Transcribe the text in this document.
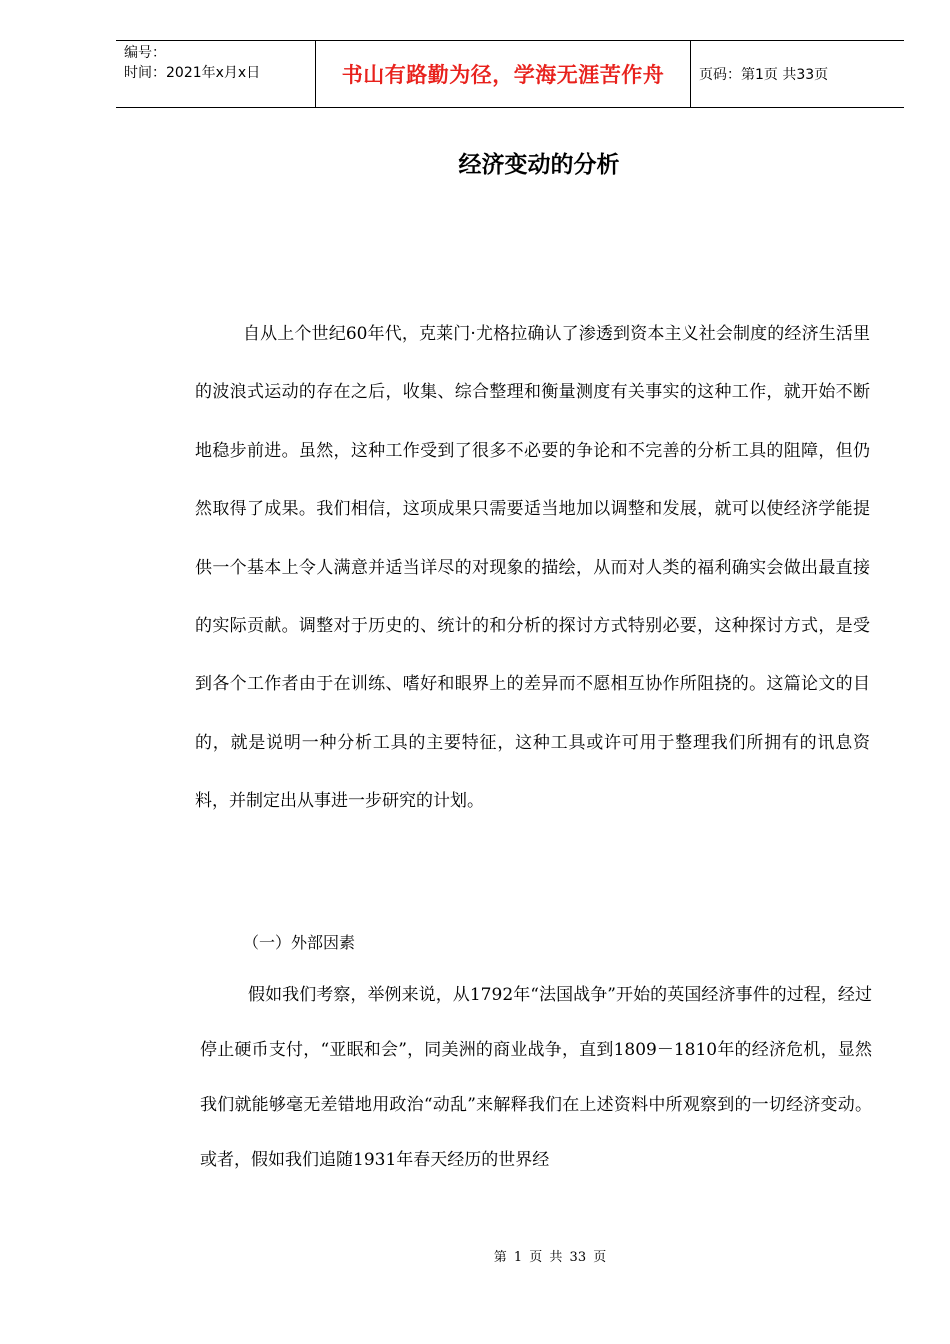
编号：
时间：2021年x月x日	书山有路勤为径，学海无涯苦作舟	页码：第1页 共33页
经济变动的分析

自从上个世纪60年代，克莱门·尤格拉确认了渗透到资本主义社会制度的经济生活里的波浪式运动的存在之后，收集、综合整理和衡量测度有关事实的这种工作，就开始不断地稳步前进。虽然，这种工作受到了很多不必要的争论和不完善的分析工具的阻障，但仍然取得了成果。我们相信，这项成果只需要适当地加以调整和发展，就可以使经济学能提供一个基本上令人满意并适当详尽的对现象的描绘，从而对人类的福利确实会做出最直接的实际贡献。调整对于历史的、统计的和分析的探讨方式特别必要，这种探讨方式，是受到各个工作者由于在训练、嗜好和眼界上的差异而不愿相互协作所阻挠的。这篇论文的目的，就是说明一种分析工具的主要特征，这种工具或许可用于整理我们所拥有的讯息资料，并制定出从事进一步研究的计划。

（一）外部因素

假如我们考察，举例来说，从1792年“法国战争”开始的英国经济事件的过程，经过停止硬币支付，“亚眠和会”，同美洲的商业战争，直到1809－1810年的经济危机，显然我们就能够毫无差错地用政治“动乱”来解释我们在上述资料中所观察到的一切经济变动。或者，假如我们追随1931年春天经历的世界经

第 1 页 共 33 页
